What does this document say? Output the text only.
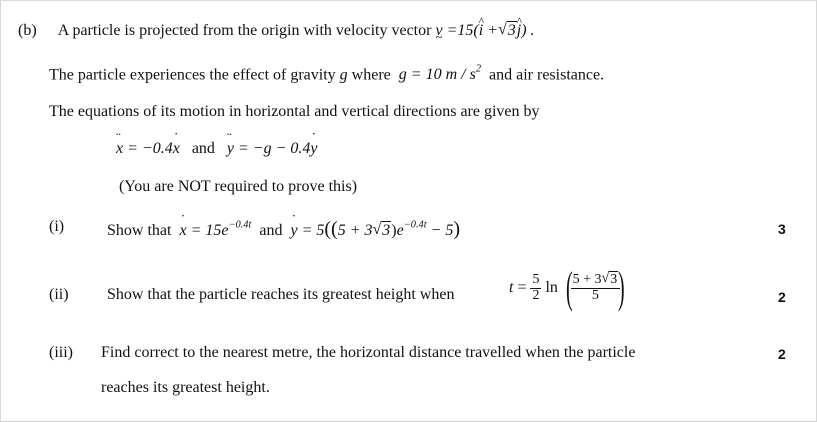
(b) A particle is projected from the origin with velocity vector v ~ =15(^ i + √ 3^ j) .
The particle experiences the effect of gravity g where  g = 10 m / $s^2$ and air resistance.
The equations of its motion in horizontal and vertical directions are given by
¨ x = −0.4˙ x   and   ¨ y = −g − 0.4˙ y
(You are NOT required to prove this)
(i)	Show that ˙ $x = 15e^{-0.4t}$  and  ˙ y = 5((5 + 3 √ $3)e^{-0.4t} - 5$)	3
(ii) Show that the particle reaches its greatest height when	$t = \frac{5}{2}$ ln (
$\frac{5 + 3 √ 3}{5}$
)	2
(iii) Find correct to the nearest metre, the horizontal distance travelled when the particle
reaches its greatest height.
2
